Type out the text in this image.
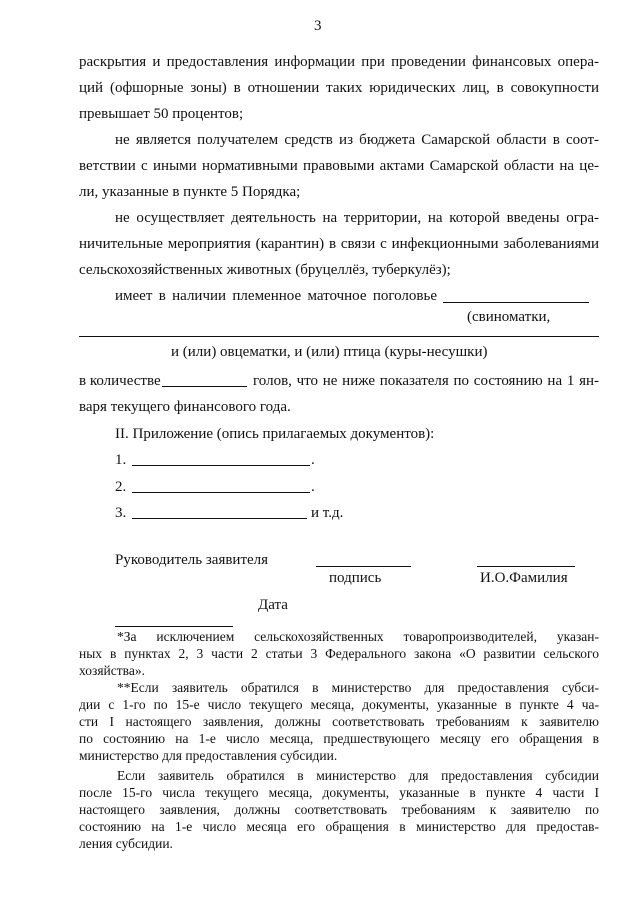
3
раскрытия и предоставления информации при проведении финансовых опера-
ций (офшорные зоны) в отношении таких юридических лиц, в совокупности
превышает 50 процентов;
не является получателем средств из бюджета Самарской области в соот-
ветствии с иными нормативными правовыми актами Самарской области на це-
ли, указанные в пункте 5 Порядка;
не осуществляет деятельность на территории, на которой введены огра-
ничительные мероприятия (карантин) в связи с инфекционными заболеваниями
сельскохозяйственных животных (бруцеллёз, туберкулёз);
имеет в наличии племенное маточное поголовье
(свиноматки,
и (или) овцематки, и (или) птица (куры-несушки)
в количестве	голов, что не ниже показателя по состоянию на 1 ян-
варя текущего финансового года.
II. Приложение (опись прилагаемых документов):
1.	.
2.	.
3.	и т.д.
Руководитель заявителя
подпись	И.О.Фамилия
Дата
*За исключением сельскохозяйственных товаропроизводителей, указан-
ных в пунктах 2, 3 части 2 статьи 3 Федерального закона «О развитии сельского
хозяйства».
**Если заявитель обратился в министерство для предоставления субси-
дии с 1-го по 15-е число текущего месяца, документы, указанные в пункте 4 ча-
сти I настоящего заявления, должны соответствовать требованиям к заявителю
по состоянию на 1-е число месяца, предшествующего месяцу его обращения в
министерство для предоставления субсидии.
Если заявитель обратился в министерство для предоставления субсидии
после 15-го числа текущего месяца, документы, указанные в пункте 4 части I
настоящего заявления, должны соответствовать требованиям к заявителю по
состоянию на 1-е число месяца его обращения в министерство для предостав-
ления субсидии.
